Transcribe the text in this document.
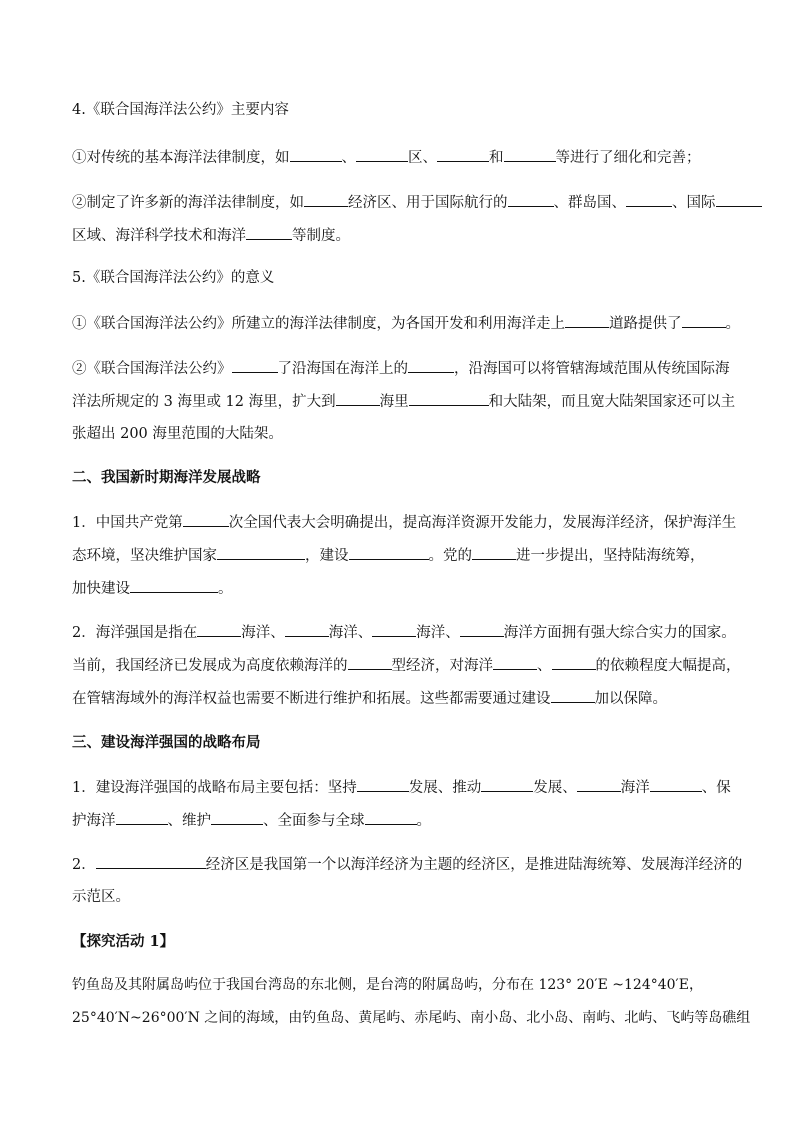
4.《联合国海洋法公约》主要内容
①对传统的基本海洋法律制度，如	、	区、	和	等进行了细化和完善；
②制定了许多新的海洋法律制度，如	经济区、用于国际航行的	、群岛国、	、国际
区域、海洋科学技术和海洋	等制度。
5.《联合国海洋法公约》的意义
①《联合国海洋法公约》所建立的海洋法律制度，为各国开发和利用海洋走上	道路提供了	。
②《联合国海洋法公约》	了沿海国在海洋上的	，沿海国可以将管辖海域范围从传统国际海
洋法所规定的 3 海里或 12 海里，扩大到	海里	和大陆架，而且宽大陆架国家还可以主
张超出 200 海里范围的大陆架。
二、我国新时期海洋发展战略
1．中国共产党第	次全国代表大会明确提出，提高海洋资源开发能力，发展海洋经济，保护海洋生
态环境，坚决维护国家	，建设	。党的	进一步提出，坚持陆海统筹，
加快建设	。
2．海洋强国是指在	海洋、	海洋、	海洋、	海洋方面拥有强大综合实力的国家。
当前，我国经济已发展成为高度依赖海洋的	型经济，对海洋	、	的依赖程度大幅提高，
在管辖海域外的海洋权益也需要不断进行维护和拓展。这些都需要通过建设	加以保障。
三、建设海洋强国的战略布局
1．建设海洋强国的战略布局主要包括：坚持	发展、推动	发展、	海洋	、保
护海洋	、维护	、全面参与全球	。
2．	经济区是我国第一个以海洋经济为主题的经济区，是推进陆海统筹、发展海洋经济的
示范区。
【探究活动 1】
钓鱼岛及其附属岛屿位于我国台湾岛的东北侧，是台湾的附属岛屿，分布在 123° 20′E ~124°40′E，
25°40′N~26°00′N 之间的海域，由钓鱼岛、黄尾屿、赤尾屿、南小岛、北小岛、南屿、北屿、飞屿等岛礁组
